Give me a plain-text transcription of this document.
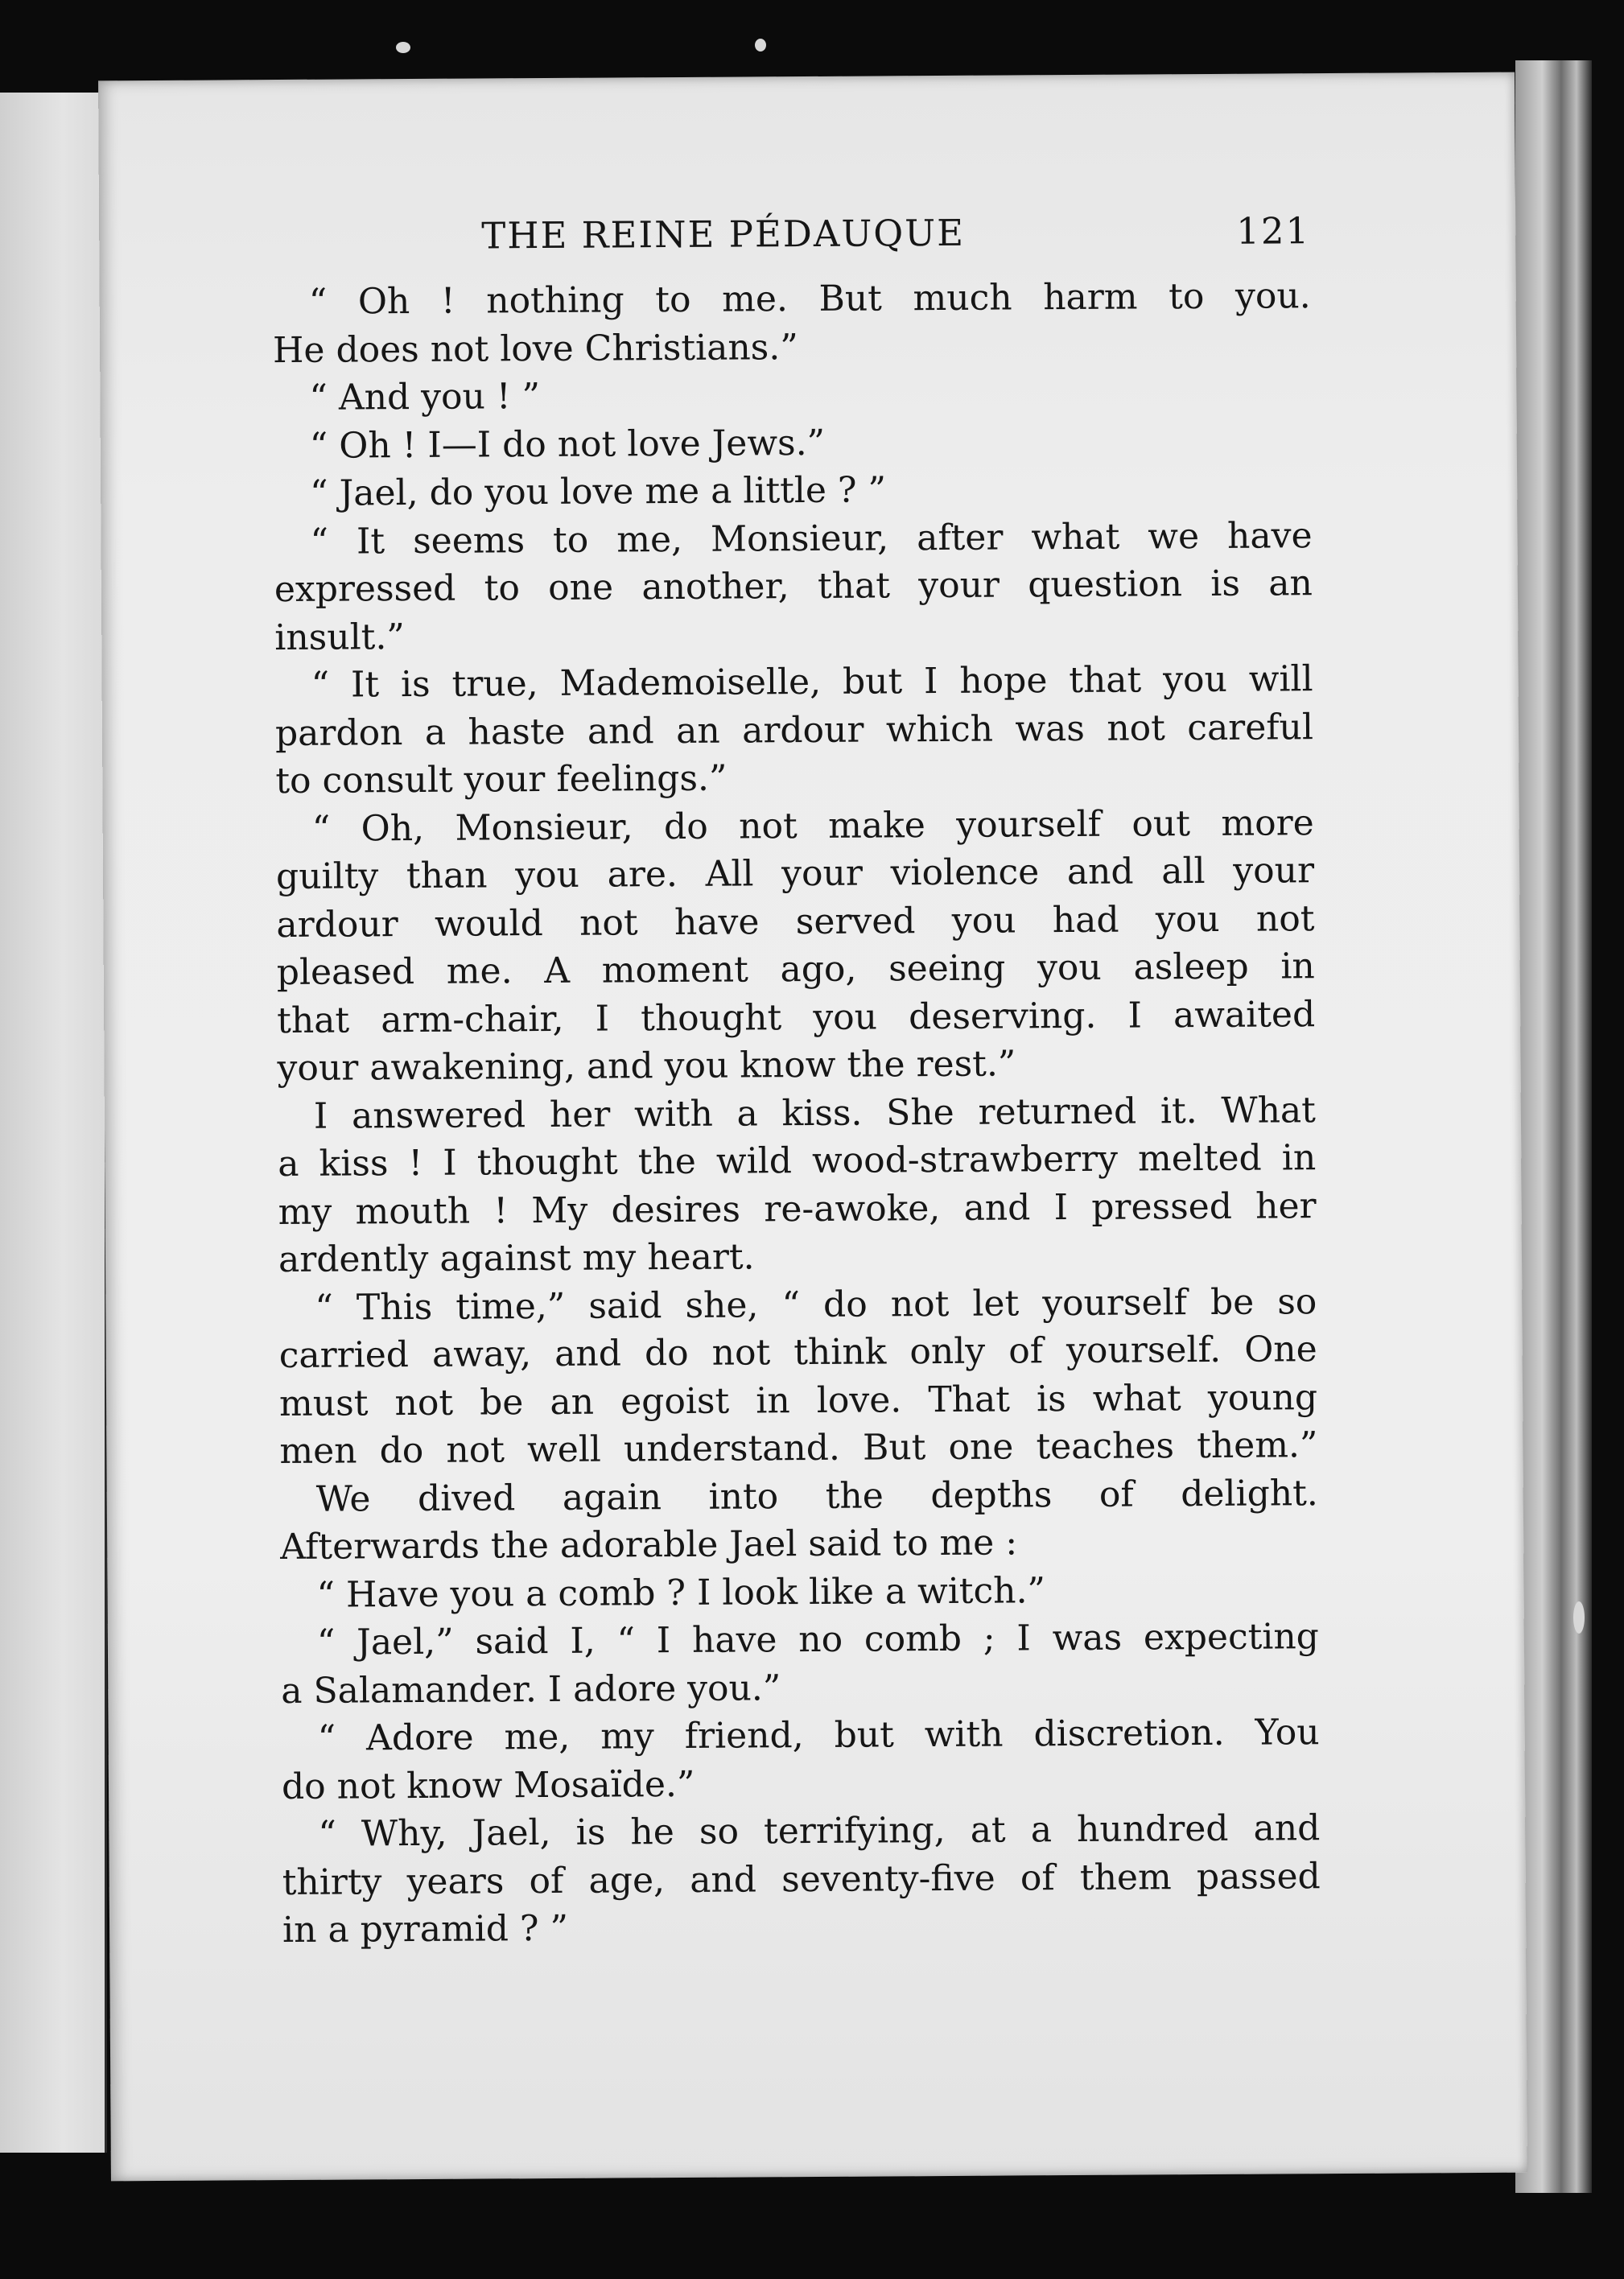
THE REINE PÉDAUQUE	121
“ Oh ! nothing to me. But much harm to you.
He does not love Christians.”
“ And you ! ”
“ Oh ! I—I do not love Jews.”
“ Jael, do you love me a little ? ”
“ It seems to me, Monsieur, after what we have
expressed to one another, that your question is an
insult.”
“ It is true, Mademoiselle, but I hope that you will
pardon a haste and an ardour which was not careful
to consult your feelings.”
“ Oh, Monsieur, do not make yourself out more
guilty than you are. All your violence and all your
ardour would not have served you had you not
pleased me. A moment ago, seeing you asleep in
that arm-chair, I thought you deserving. I awaited
your awakening, and you know the rest.”
I answered her with a kiss. She returned it. What
a kiss ! I thought the wild wood-strawberry melted in
my mouth ! My desires re-awoke, and I pressed her
ardently against my heart.
“ This time,” said she, “ do not let yourself be so
carried away, and do not think only of yourself. One
must not be an egoist in love. That is what young
men do not well understand. But one teaches them.”
We dived again into the depths of delight.
Afterwards the adorable Jael said to me :
“ Have you a comb ? I look like a witch.”
“ Jael,” said I, “ I have no comb ; I was expecting
a Salamander. I adore you.”
“ Adore me, my friend, but with discretion. You
do not know Mosaïde.”
“ Why, Jael, is he so terrifying, at a hundred and
thirty years of age, and seventy-five of them passed
in a pyramid ? ”
